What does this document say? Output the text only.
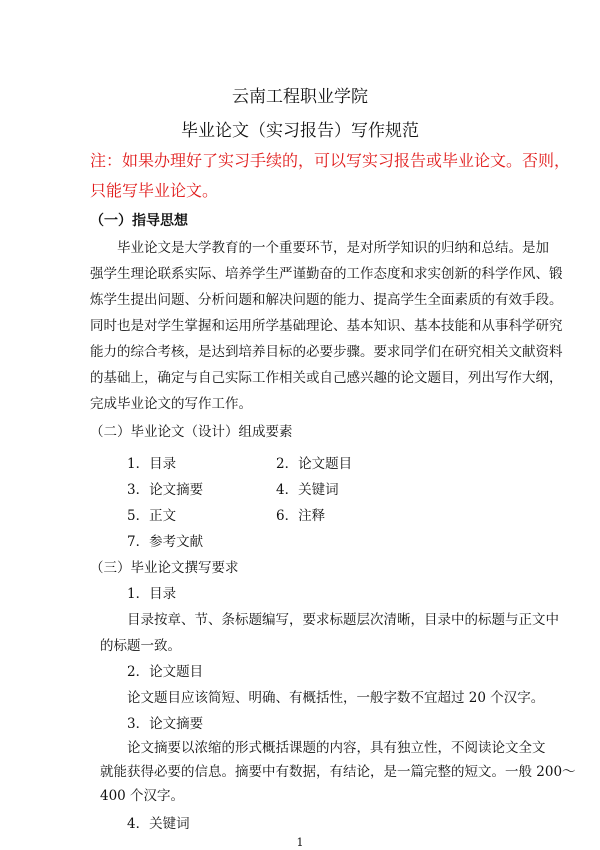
云南工程职业学院
毕业论文（实习报告）写作规范
注：如果办理好了实习手续的，可以写实习报告或毕业论文。否则，
只能写毕业论文。
（一）指导思想
毕业论文是大学教育的一个重要环节，是对所学知识的归纳和总结。是加
强学生理论联系实际、培养学生严谨勤奋的工作态度和求实创新的科学作风、锻
炼学生提出问题、分析问题和解决问题的能力、提高学生全面素质的有效手段。
同时也是对学生掌握和运用所学基础理论、基本知识、基本技能和从事科学研究
能力的综合考核，是达到培养目标的必要步骤。要求同学们在研究相关文献资料
的基础上，确定与自己实际工作相关或自己感兴趣的论文题目，列出写作大纲，
完成毕业论文的写作工作。
（二）毕业论文（设计）组成要素
1．目录	2．论文题目
3．论文摘要	4．关键词
5．正文	6．注释
7．参考文献
（三）毕业论文撰写要求
1．目录
目录按章、节、条标题编写，要求标题层次清晰，目录中的标题与正文中
的标题一致。
2．论文题目
论文题目应该简短、明确、有概括性，一般字数不宜超过 20 个汉字。
3．论文摘要
论文摘要以浓缩的形式概括课题的内容，具有独立性，不阅读论文全文
就能获得必要的信息。摘要中有数据，有结论，是一篇完整的短文。一般 200～
400 个汉字。
1
4．关键词
